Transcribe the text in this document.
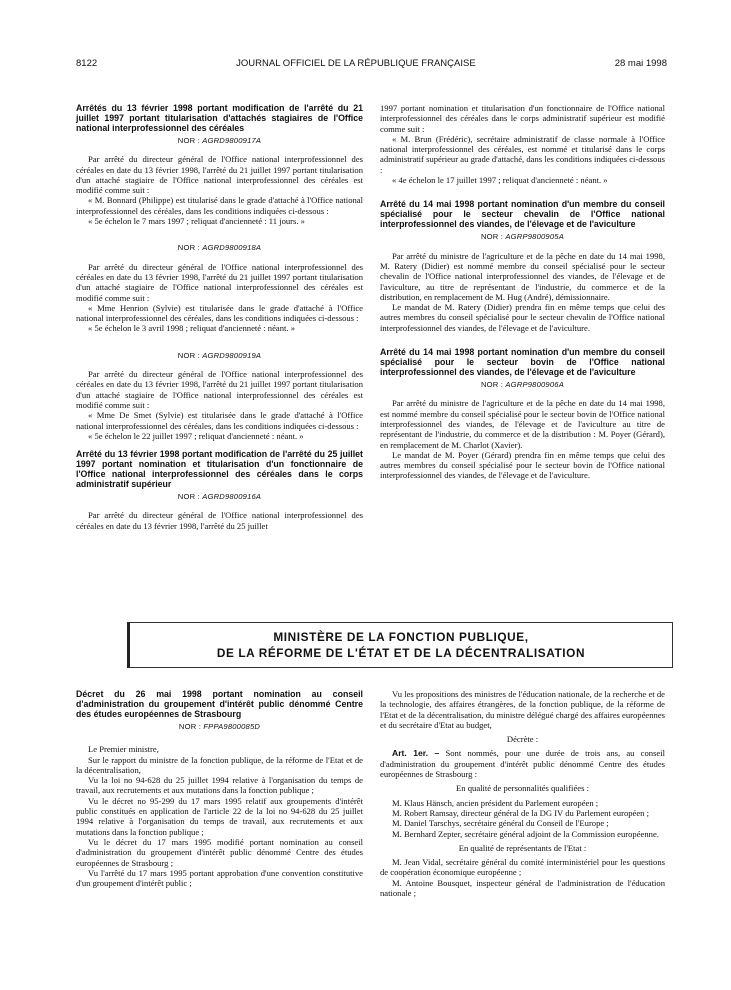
8122	JOURNAL OFFICIEL DE LA RÉPUBLIQUE FRANÇAISE	28 mai 1998
Arrêtés du 13 février 1998 portant modification de l'arrêté du 21 juillet 1997 portant titularisation d'attachés stagiaires de l'Office national interprofessionnel des céréales
NOR : AGRD9800917A

Par arrêté du directeur général de l'Office national interprofessionnel des céréales en date du 13 février 1998, l'arrêté du 21 juillet 1997 portant titularisation d'un attaché stagiaire de l'Office national interprofessionnel des céréales est modifié comme suit :

« M. Bonnard (Philippe) est titularisé dans le grade d'attaché à l'Office national interprofessionnel des céréales, dans les conditions indiquées ci-dessous :

« 5e échelon le 7 mars 1997 ; reliquat d'ancienneté : 11 jours. »

NOR : AGRD9800918A

Par arrêté du directeur général de l'Office national interprofessionnel des céréales en date du 13 février 1998, l'arrêté du 21 juillet 1997 portant titularisation d'un attaché stagiaire de l'Office national interprofessionnel des céréales est modifié comme suit :

« Mme Henrion (Sylvie) est titularisée dans le grade d'attaché à l'Office national interprofessionnel des céréales, dans les conditions indiquées ci-dessous :

« 5e échelon le 3 avril 1998 ; reliquat d'ancienneté : néant. »

NOR : AGRD9800919A

Par arrêté du directeur général de l'Office national interprofessionnel des céréales en date du 13 février 1998, l'arrêté du 21 juillet 1997 portant titularisation d'un attaché stagiaire de l'Office national interprofessionnel des céréales est modifié comme suit :

« Mme De Smet (Sylvie) est titularisée dans le grade d'attaché à l'Office national interprofessionnel des céréales, dans les conditions indiquées ci-dessous :

« 5e échelon le 22 juillet 1997 ; reliquat d'ancienneté : néant. »

Arrêté du 13 février 1998 portant modification de l'arrêté du 25 juillet 1997 portant nomination et titularisation d'un fonctionnaire de l'Office national interprofessionnel des céréales dans le corps administratif supérieur
NOR : AGRD9800916A

Par arrêté du directeur général de l'Office national interprofessionnel des céréales en date du 13 février 1998, l'arrêté du 25 juillet

1997 portant nomination et titularisation d'un fonctionnaire de l'Office national interprofessionnel des céréales dans le corps administratif supérieur est modifié comme suit :

« M. Brun (Frédéric), secrétaire administratif de classe normale à l'Office national interprofessionnel des céréales, est nommé et titularisé dans le corps administratif supérieur au grade d'attaché, dans les conditions indiquées ci-dessous :

« 4e échelon le 17 juillet 1997 ; reliquat d'ancienneté : néant. »

Arrêté du 14 mai 1998 portant nomination d'un membre du conseil spécialisé pour le secteur chevalin de l'Office national interprofessionnel des viandes, de l'élevage et de l'aviculture
NOR : AGRP9800905A

Par arrêté du ministre de l'agriculture et de la pêche en date du 14 mai 1998, M. Ratery (Didier) est nommé membre du conseil spécialisé pour le secteur chevalin de l'Office national interprofessionnel des viandes, de l'élevage et de l'aviculture, au titre de représentant de l'industrie, du commerce et de la distribution, en remplacement de M. Hug (André), démissionnaire.

Le mandat de M. Ratery (Didier) prendra fin en même temps que celui des autres membres du conseil spécialisé pour le secteur chevalin de l'Office national interprofessionnel des viandes, de l'élevage et de l'aviculture.

Arrêté du 14 mai 1998 portant nomination d'un membre du conseil spécialisé pour le secteur bovin de l'Office national interprofessionnel des viandes, de l'élevage et de l'aviculture
NOR : AGRP9800906A

Par arrêté du ministre de l'agriculture et de la pêche en date du 14 mai 1998, est nommé membre du conseil spécialisé pour le secteur bovin de l'Office national interprofessionnel des viandes, de l'élevage et de l'aviculture au titre de représentant de l'industrie, du commerce et de la distribution : M. Poyer (Gérard), en remplacement de M. Charlot (Xavier).

Le mandat de M. Poyer (Gérard) prendra fin en même temps que celui des autres membres du conseil spécialisé pour le secteur bovin de l'Office national interprofessionnel des viandes, de l'élevage et de l'aviculture.

MINISTÈRE DE LA FONCTION PUBLIQUE,
DE LA RÉFORME DE L'ÉTAT ET DE LA DÉCENTRALISATION
Décret du 26 mai 1998 portant nomination au conseil d'administration du groupement d'intérêt public dénommé Centre des études européennes de Strasbourg
NOR : FPPA9800085D

Le Premier ministre,

Sur le rapport du ministre de la fonction publique, de la réforme de l'Etat et de la décentralisation,

Vu la loi no 94-628 du 25 juillet 1994 relative à l'organisation du temps de travail, aux recrutements et aux mutations dans la fonction publique ;

Vu le décret no 95-299 du 17 mars 1995 relatif aux groupements d'intérêt public constitués en application de l'article 22 de la loi no 94-628 du 25 juillet 1994 relative à l'organisation du temps de travail, aux recrutements et aux mutations dans la fonction publique ;

Vu le décret du 17 mars 1995 modifié portant nomination au conseil d'administration du groupement d'intérêt public dénommé Centre des études européennes de Strasbourg ;

Vu l'arrêté du 17 mars 1995 portant approbation d'une convention constitutive d'un groupement d'intérêt public ;

Vu les propositions des ministres de l'éducation nationale, de la recherche et de la technologie, des affaires étrangères, de la fonction publique, de la réforme de l'Etat et de la décentralisation, du ministre délégué chargé des affaires européennes et du secrétaire d'Etat au budget,

Décrète :

Art. 1er. – Sont nommés, pour une durée de trois ans, au conseil d'administration du groupement d'intérêt public dénommé Centre des études européennes de Strasbourg :

En qualité de personnalités qualifiées :

M. Klaus Hänsch, ancien président du Parlement européen ;

M. Robert Ramsay, directeur général de la DG IV du Parlement européen ;

M. Daniel Tarschys, secrétaire général du Conseil de l'Europe ;

M. Bernhard Zepter, secrétaire général adjoint de la Commission européenne.

En qualité de représentants de l'Etat :

M. Jean Vidal, secrétaire général du comité interministériel pour les questions de coopération économique européenne ;

M. Antoine Bousquet, inspecteur général de l'administration de l'éducation nationale ;
